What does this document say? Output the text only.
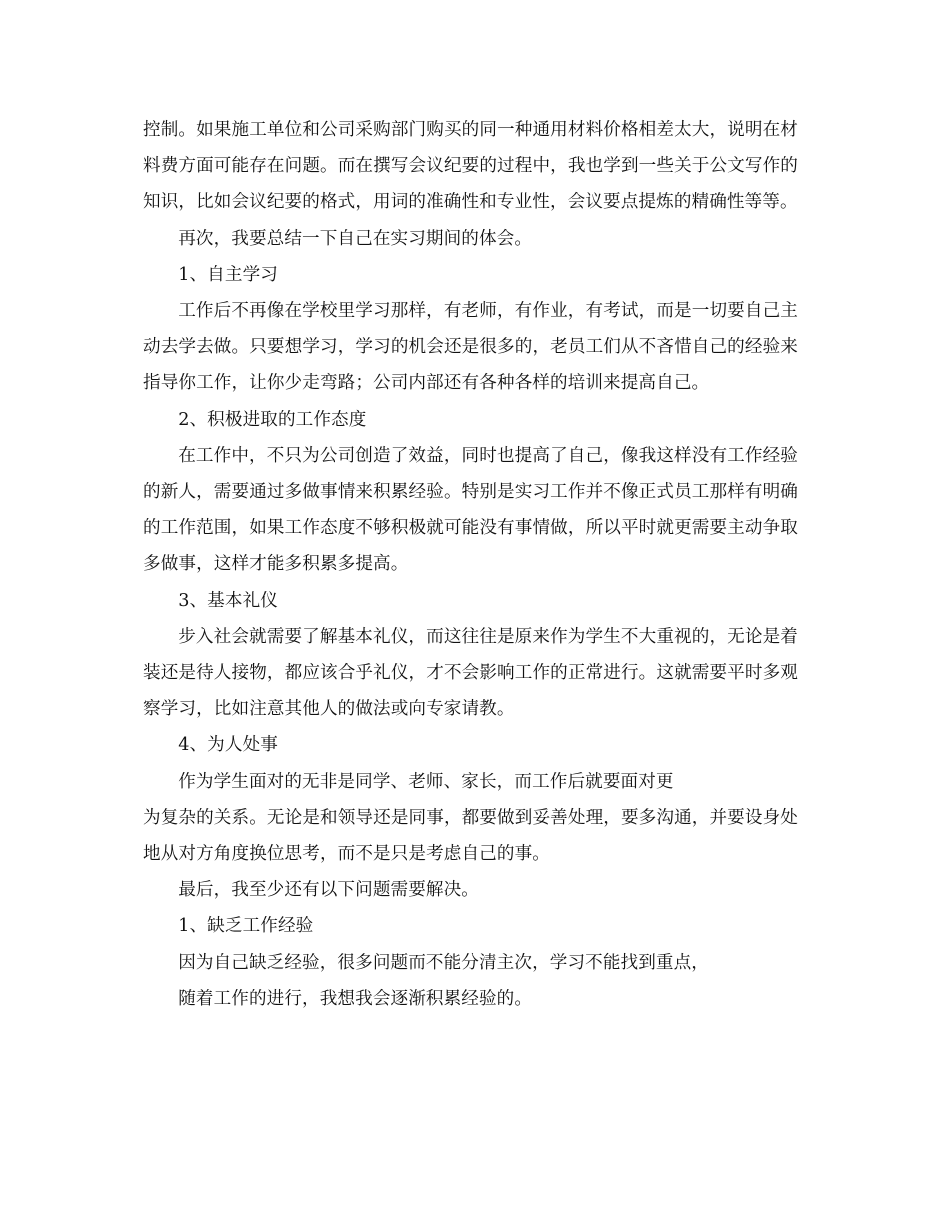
控制。如果施工单位和公司采购部门购买的同一种通用材料价格相差太大，说明在材料费方面可能存在问题。而在撰写会议纪要的过程中，我也学到一些关于公文写作的知识，比如会议纪要的格式，用词的准确性和专业性，会议要点提炼的精确性等等。

再次，我要总结一下自己在实习期间的体会。

1、自主学习

工作后不再像在学校里学习那样，有老师，有作业，有考试，而是一切要自己主动去学去做。只要想学习，学习的机会还是很多的，老员工们从不吝惜自己的经验来指导你工作，让你少走弯路；公司内部还有各种各样的培训来提高自己。

2、积极进取的工作态度

在工作中，不只为公司创造了效益，同时也提高了自己，像我这样没有工作经验的新人，需要通过多做事情来积累经验。特别是实习工作并不像正式员工那样有明确的工作范围，如果工作态度不够积极就可能没有事情做，所以平时就更需要主动争取多做事，这样才能多积累多提高。

3、基本礼仪

步入社会就需要了解基本礼仪，而这往往是原来作为学生不大重视的，无论是着装还是待人接物，都应该合乎礼仪，才不会影响工作的正常进行。这就需要平时多观察学习，比如注意其他人的做法或向专家请教。

4、为人处事

作为学生面对的无非是同学、老师、家长，而工作后就要面对更

为复杂的关系。无论是和领导还是同事，都要做到妥善处理，要多沟通，并要设身处地从对方角度换位思考，而不是只是考虑自己的事。

最后，我至少还有以下问题需要解决。

1、缺乏工作经验

因为自己缺乏经验，很多问题而不能分清主次，学习不能找到重点，

随着工作的进行，我想我会逐渐积累经验的。
